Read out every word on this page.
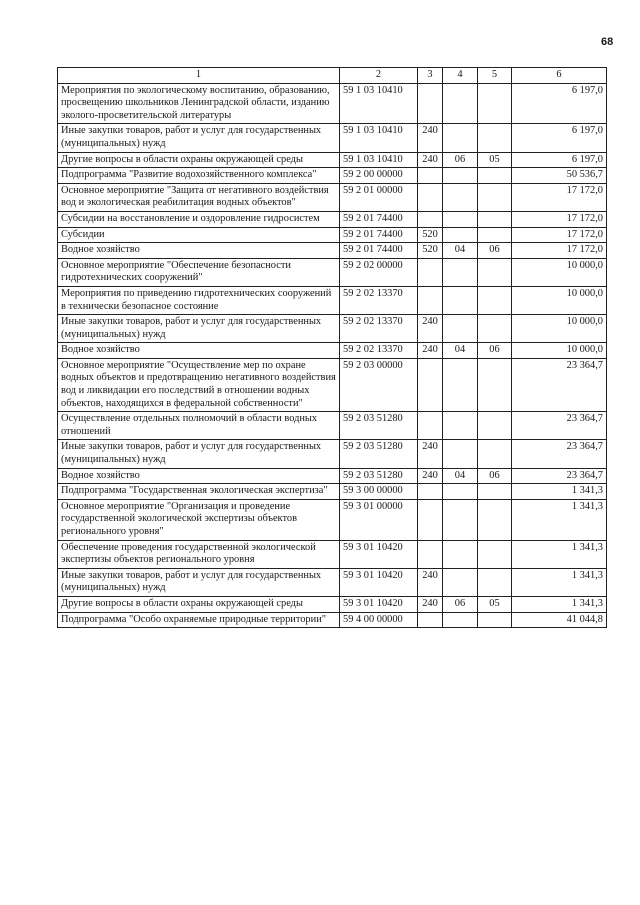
68
1	2	3	4	5	6
Мероприятия по экологическому воспитанию, образованию, просвещению школьников Ленинградской области, изданию эколого-просветительской литературы	59 1 03 10410				6 197,0
Иные закупки товаров, работ и услуг для государственных (муниципальных) нужд	59 1 03 10410	240			6 197,0
Другие вопросы в области охраны окружающей среды	59 1 03 10410	240	06	05	6 197,0
Подпрограмма "Развитие водохозяйственного комплекса"	59 2 00 00000				50 536,7
Основное мероприятие "Защита от негативного воздействия вод и экологическая реабилитация водных объектов"	59 2 01 00000				17 172,0
Субсидии на восстановление и оздоровление гидросистем	59 2 01 74400				17 172,0
Субсидии	59 2 01 74400	520			17 172,0
Водное хозяйство	59 2 01 74400	520	04	06	17 172,0
Основное мероприятие "Обеспечение безопасности гидротехнических сооружений"	59 2 02 00000				10 000,0
Мероприятия по приведению гидротехнических сооружений в технически безопасное состояние	59 2 02 13370				10 000,0
Иные закупки товаров, работ и услуг для государственных (муниципальных) нужд	59 2 02 13370	240			10 000,0
Водное хозяйство	59 2 02 13370	240	04	06	10 000,0
Основное мероприятие "Осуществление мер по охране водных объектов и предотвращению негативного воздействия вод и ликвидации его последствий в отношении водных объектов, находящихся в федеральной собственности"	59 2 03 00000				23 364,7
Осуществление отдельных полномочий в области водных отношений	59 2 03 51280				23 364,7
Иные закупки товаров, работ и услуг для государственных (муниципальных) нужд	59 2 03 51280	240			23 364,7
Водное хозяйство	59 2 03 51280	240	04	06	23 364,7
Подпрограмма "Государственная экологическая экспертиза"	59 3 00 00000				1 341,3
Основное мероприятие "Организация и проведение государственной экологической экспертизы объектов регионального уровня"	59 3 01 00000				1 341,3
Обеспечение проведения государственной экологической экспертизы объектов регионального уровня	59 3 01 10420				1 341,3
Иные закупки товаров, работ и услуг для государственных (муниципальных) нужд	59 3 01 10420	240			1 341,3
Другие вопросы в области охраны окружающей среды	59 3 01 10420	240	06	05	1 341,3
Подпрограмма "Особо охраняемые природные территории"	59 4 00 00000				41 044,8
